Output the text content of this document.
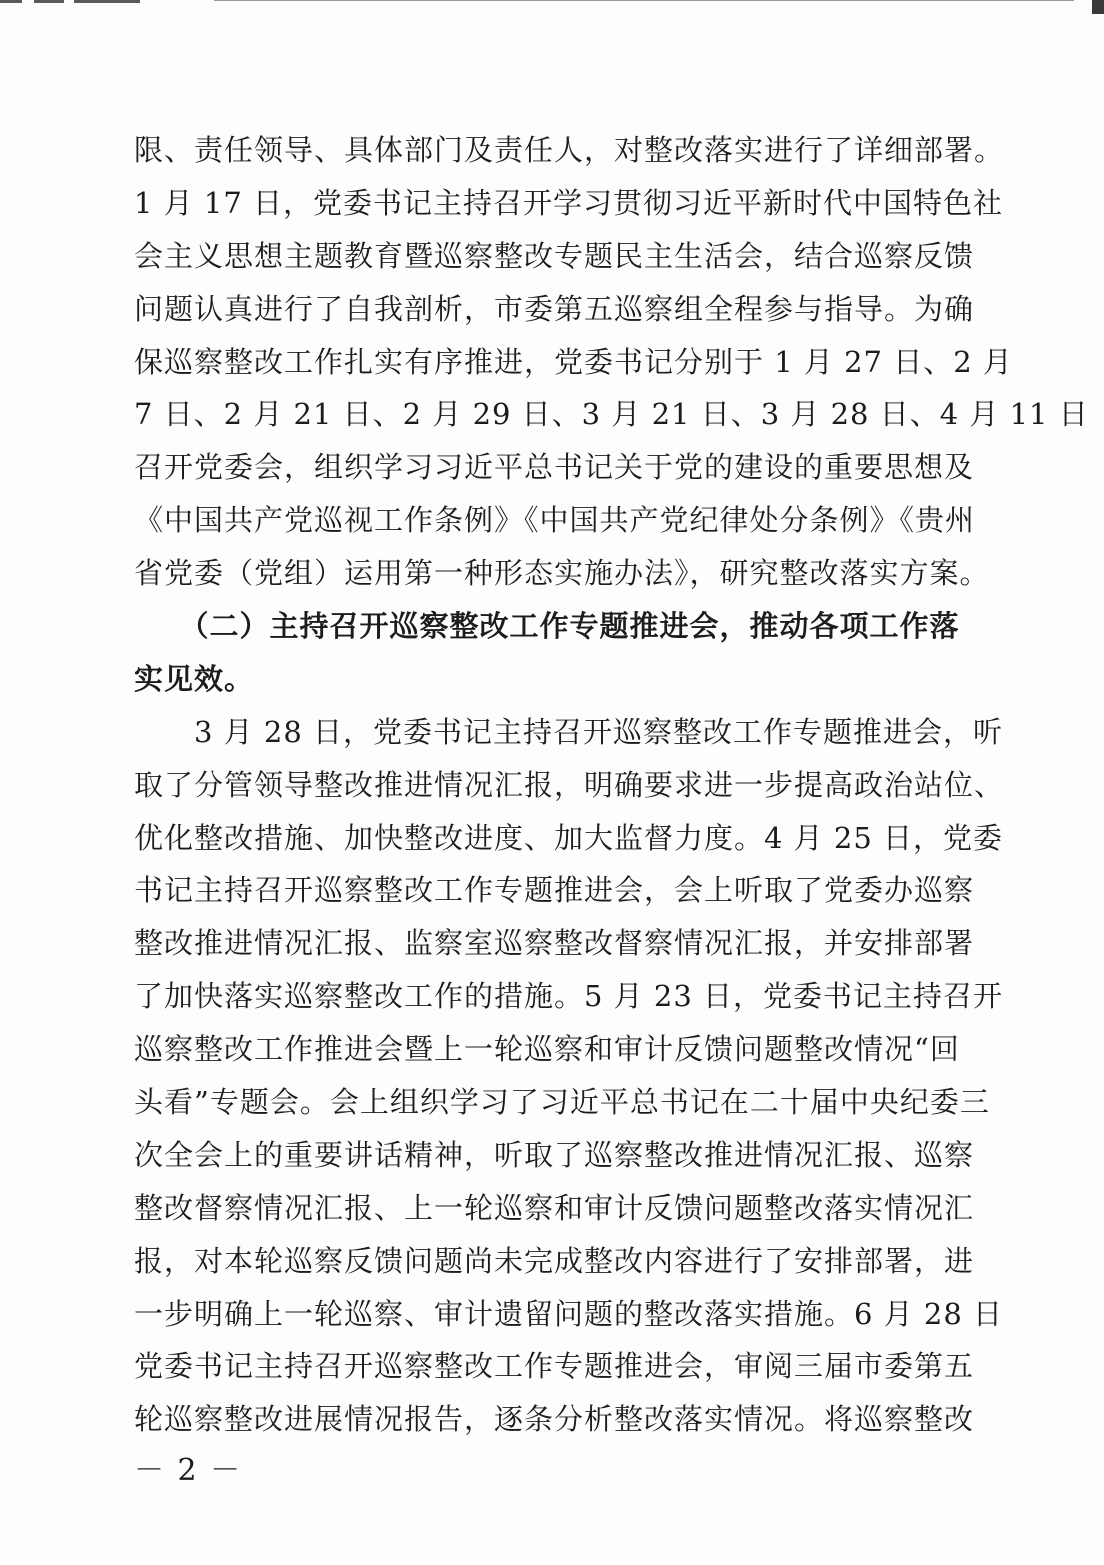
限、责任领导、具体部门及责任人，对整改落实进行了详细部署。
1 月 17 日，党委书记主持召开学习贯彻习近平新时代中国特色社
会主义思想主题教育暨巡察整改专题民主生活会，结合巡察反馈
问题认真进行了自我剖析，市委第五巡察组全程参与指导。为确
保巡察整改工作扎实有序推进，党委书记分别于 1 月 27 日、2 月
7 日、2 月 21 日、2 月 29 日、3 月 21 日、3 月 28 日、4 月 11 日
召开党委会，组织学习习近平总书记关于党的建设的重要思想及
《中国共产党巡视工作条例》《中国共产党纪律处分条例》《贵州
省党委（党组）运用第一种形态实施办法》，研究整改落实方案。
　　（二）主持召开巡察整改工作专题推进会，推动各项工作落
实见效。
　　3 月 28 日，党委书记主持召开巡察整改工作专题推进会，听
取了分管领导整改推进情况汇报，明确要求进一步提高政治站位、
优化整改措施、加快整改进度、加大监督力度。4 月 25 日，党委
书记主持召开巡察整改工作专题推进会，会上听取了党委办巡察
整改推进情况汇报、监察室巡察整改督察情况汇报，并安排部署
了加快落实巡察整改工作的措施。5 月 23 日，党委书记主持召开
巡察整改工作推进会暨上一轮巡察和审计反馈问题整改情况“回
头看”专题会。会上组织学习了习近平总书记在二十届中央纪委三
次全会上的重要讲话精神，听取了巡察整改推进情况汇报、巡察
整改督察情况汇报、上一轮巡察和审计反馈问题整改落实情况汇
报，对本轮巡察反馈问题尚未完成整改内容进行了安排部署，进
一步明确上一轮巡察、审计遗留问题的整改落实措施。6 月 28 日
党委书记主持召开巡察整改工作专题推进会，审阅三届市委第五
轮巡察整改进展情况报告，逐条分析整改落实情况。将巡察整改
－ 2 －
